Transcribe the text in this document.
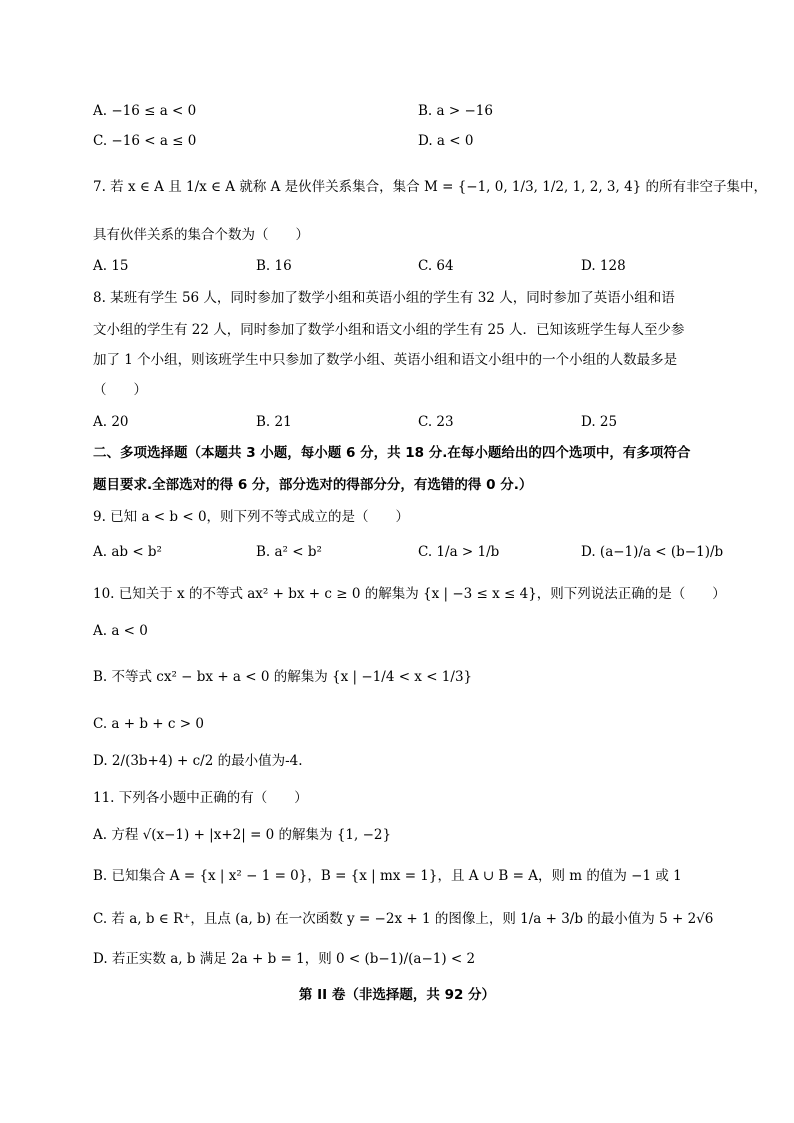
A. −16 ≤ a < 0	B. a > −16
C. −16 < a ≤ 0	D. a < 0
7. 若 x ∈ A 且 1/x ∈ A 就称 A 是伙伴关系集合，集合 M = {−1, 0, 1/3, 1/2, 1, 2, 3, 4} 的所有非空子集中，
具有伙伴关系的集合个数为（　　）
A. 15	B. 16	C. 64	D. 128
8. 某班有学生 56 人，同时参加了数学小组和英语小组的学生有 32 人，同时参加了英语小组和语
文小组的学生有 22 人，同时参加了数学小组和语文小组的学生有 25 人．已知该班学生每人至少参
加了 1 个小组，则该班学生中只参加了数学小组、英语小组和语文小组中的一个小组的人数最多是
（　　）
A. 20	B. 21	C. 23	D. 25
二、多项选择题（本题共 3 小题，每小题 6 分，共 18 分.在每小题给出的四个选项中，有多项符合
题目要求.全部选对的得 6 分，部分选对的得部分分，有选错的得 0 分.）
9. 已知 a < b < 0，则下列不等式成立的是（　　）
A. ab < b²	B. a² < b²	C. 1/a > 1/b	D. (a−1)/a < (b−1)/b
10. 已知关于 x 的不等式 ax² + bx + c ≥ 0 的解集为 {x | −3 ≤ x ≤ 4}，则下列说法正确的是（　　）
A. a < 0
B. 不等式 cx² − bx + a < 0 的解集为 {x | −1/4 < x < 1/3}
C. a + b + c > 0
D. 2/(3b+4) + c/2 的最小值为-4.
11. 下列各小题中正确的有（　　）
A. 方程 √(x−1) + |x+2| = 0 的解集为 {1, −2}
B. 已知集合 A = {x | x² − 1 = 0}，B = {x | mx = 1}，且 A ∪ B = A，则 m 的值为 −1 或 1
C. 若 a, b ∈ R⁺，且点 (a, b) 在一次函数 y = −2x + 1 的图像上，则 1/a + 3/b 的最小值为 5 + 2√6
D. 若正实数 a, b 满足 2a + b = 1，则 0 < (b−1)/(a−1) < 2
第 II 卷（非选择题，共 92 分）
